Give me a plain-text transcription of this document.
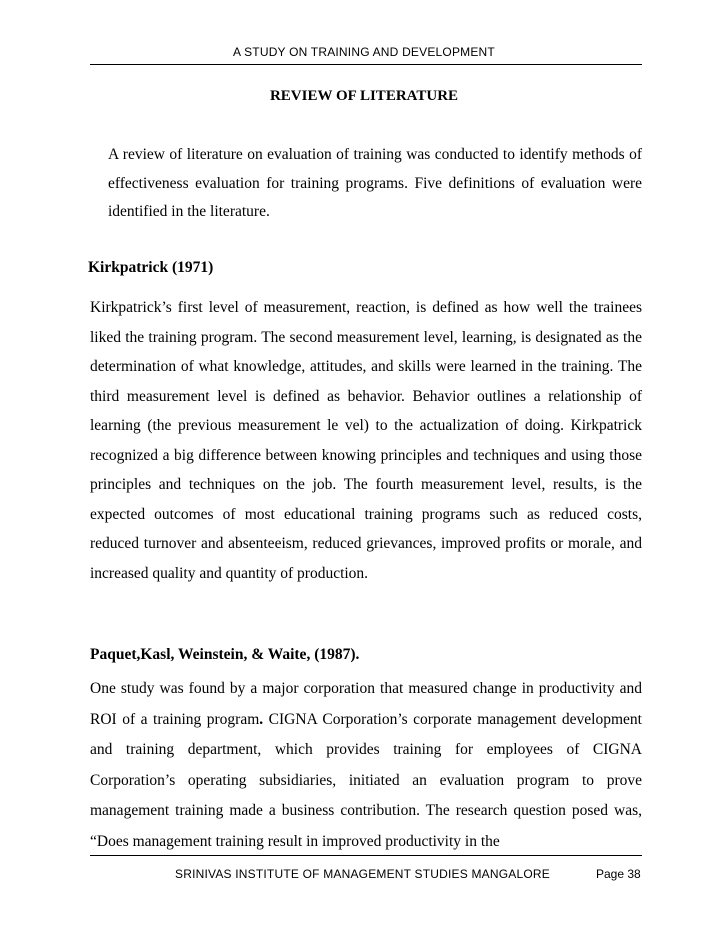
A STUDY ON TRAINING AND DEVELOPMENT
REVIEW OF LITERATURE

A review of literature on evaluation of training was conducted to identify methods of effectiveness evaluation for training programs. Five definitions of evaluation were identified in the literature.

Kirkpatrick (1971)

Kirkpatrick’s first level of measurement, reaction, is defined as how well the trainees liked the training program. The second measurement level, learning, is designated as the determination of what knowledge, attitudes, and skills were learned in the training. The third measurement level is defined as behavior. Behavior outlines a relationship of learning (the previous measurement le vel) to the actualization of doing. Kirkpatrick recognized a big difference between knowing principles and techniques and using those principles and techniques on the job. The fourth measurement level, results, is the expected outcomes of most educational training programs such as reduced costs, reduced turnover and absenteeism, reduced grievances, improved profits or morale, and increased quality and quantity of production.

Paquet,Kasl, Weinstein, & Waite, (1987).

One study was found by a major corporation that measured change in productivity and ROI of a training program. CIGNA Corporation’s corporate management development and training department, which provides training for employees of CIGNA Corporation’s operating subsidiaries, initiated an evaluation program to prove management training made a business contribution. The research question posed was, “Does management training result in improved productivity in the

SRINIVAS INSTITUTE OF MANAGEMENT STUDIES MANGALORE	Page 38
